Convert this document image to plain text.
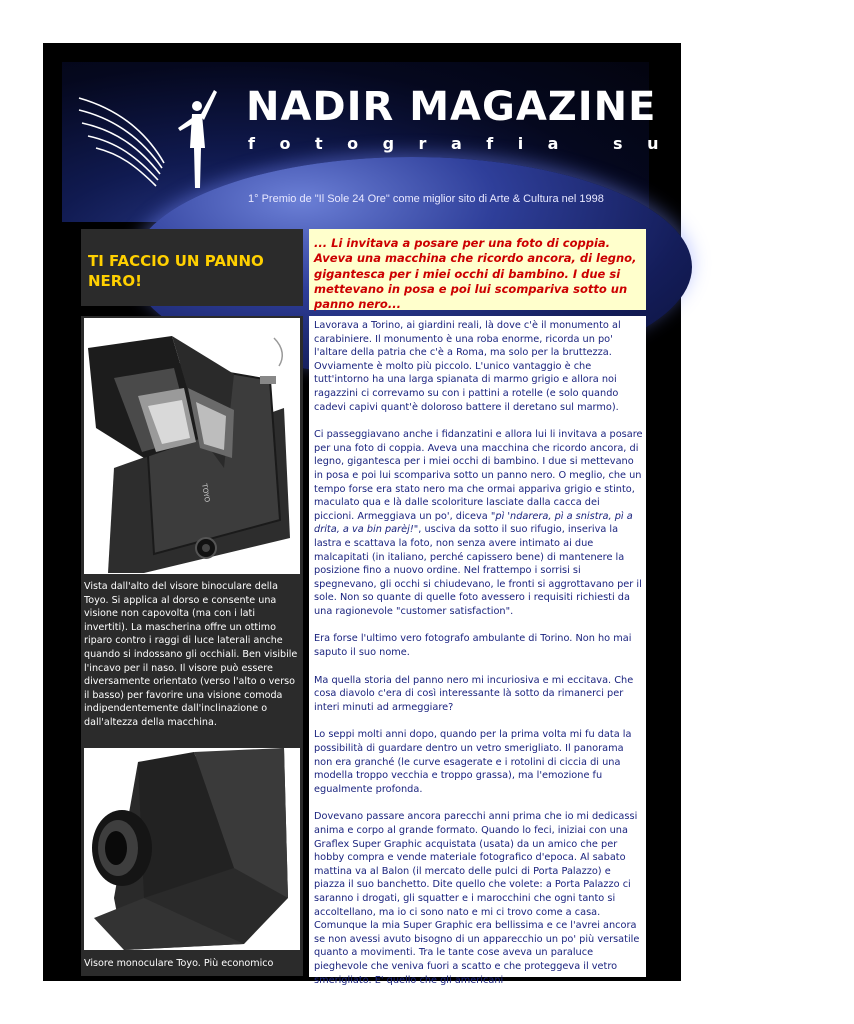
NADIR MAGAZINE
fotografia sul web
1° Premio de "Il Sole 24 Ore" come miglior sito di Arte & Cultura nel 1998
TI FACCIO UN PANNO NERO!

... Li invitava a posare per una foto di coppia. Aveva una macchina che ricordo ancora, di legno, gigantesca per i miei occhi di bambino. I due si mettevano in posa e poi lui scompariva sotto un panno nero...

TOYO
Vista dall'alto del visore binoculare della Toyo. Si applica al dorso e consente una visione non capovolta (ma con i lati invertiti). La mascherina offre un ottimo riparo contro i raggi di luce laterali anche quando si indossano gli occhiali. Ben visibile l'incavo per il naso. Il visore può essere diversamente orientato (verso l'alto o verso il basso) per favorire una visione comoda indipendentemente dall'inclinazione o dall'altezza della macchina.
Visore monoculare Toyo. Più economico

Lavorava a Torino, ai giardini reali, là dove c'è il monumento al carabiniere. Il monumento è una roba enorme, ricorda un po' l'altare della patria che c'è a Roma, ma solo per la bruttezza. Ovviamente è molto più piccolo. L'unico vantaggio è che tutt'intorno ha una larga spianata di marmo grigio e allora noi ragazzini ci correvamo su con i pattini a rotelle (e solo quando cadevi capivi quant'è doloroso battere il deretano sul marmo).

Ci passeggiavano anche i fidanzatini e allora lui li invitava a posare per una foto di coppia. Aveva una macchina che ricordo ancora, di legno, gigantesca per i miei occhi di bambino. I due si mettevano in posa e poi lui scompariva sotto un panno nero. O meglio, che un tempo forse era stato nero ma che ormai appariva grigio e stinto, maculato qua e là dalle scoloriture lasciate dalla cacca dei piccioni. Armeggiava un po', diceva "pì 'ndarera, pì a snistra, pì a drita, a va bin parèj!", usciva da sotto il suo rifugio, inseriva la lastra e scattava la foto, non senza avere intimato ai due malcapitati (in italiano, perché capissero bene) di mantenere la posizione fino a nuovo ordine. Nel frattempo i sorrisi si spegnevano, gli occhi si chiudevano, le fronti si aggrottavano per il sole. Non so quante di quelle foto avessero i requisiti richiesti da una ragionevole "customer satisfaction".

Era forse l'ultimo vero fotografo ambulante di Torino. Non ho mai saputo il suo nome.

Ma quella storia del panno nero mi incuriosiva e mi eccitava. Che cosa diavolo c'era di così interessante là sotto da rimanerci per interi minuti ad armeggiare?

Lo seppi molti anni dopo, quando per la prima volta mi fu data la possibilità di guardare dentro un vetro smerigliato. Il panorama non era granché (le curve esagerate e i rotolini di ciccia di una modella troppo vecchia e troppo grassa), ma l'emozione fu egualmente profonda.

Dovevano passare ancora parecchi anni prima che io mi dedicassi anima e corpo al grande formato. Quando lo feci, iniziai con una Graflex Super Graphic acquistata (usata) da un amico che per hobby compra e vende materiale fotografico d'epoca. Al sabato mattina va al Balon (il mercato delle pulci di Porta Palazzo) e piazza il suo banchetto. Dite quello che volete: a Porta Palazzo ci saranno i drogati, gli squatter e i marocchini che ogni tanto si accoltellano, ma io ci sono nato e mi ci trovo come a casa. Comunque la mia Super Graphic era bellissima e ce l'avrei ancora se non avessi avuto bisogno di un apparecchio un po' più versatile quanto a movimenti. Tra le tante cose aveva un paraluce pieghevole che veniva fuori a scatto e che proteggeva il vetro smerigliato. E' quello che gli americani
